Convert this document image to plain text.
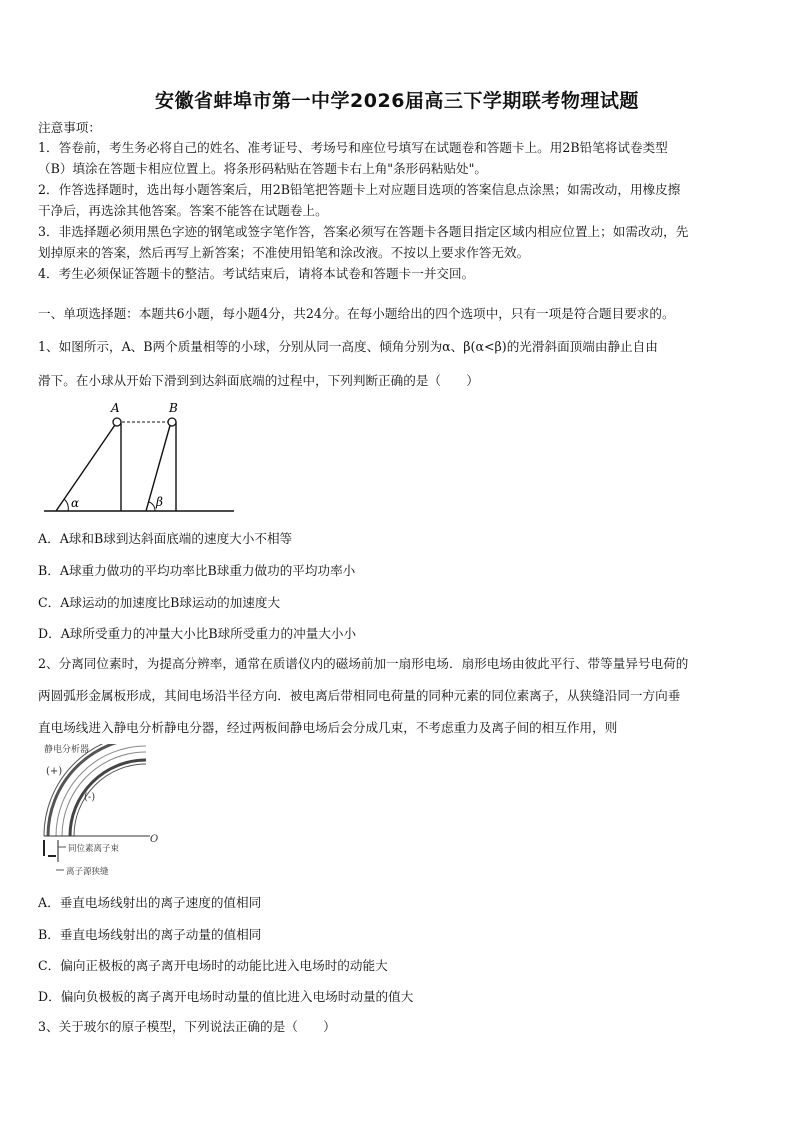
安徽省蚌埠市第一中学2026届高三下学期联考物理试题
注意事项：
1．答卷前，考生务必将自己的姓名、准考证号、考场号和座位号填写在试题卷和答题卡上。用2B铅笔将试卷类型
（B）填涂在答题卡相应位置上。将条形码粘贴在答题卡右上角"条形码粘贴处"。
2．作答选择题时，选出每小题答案后，用2B铅笔把答题卡上对应题目选项的答案信息点涂黑；如需改动，用橡皮擦
干净后，再选涂其他答案。答案不能答在试题卷上。
3．非选择题必须用黑色字迹的钢笔或签字笔作答，答案必须写在答题卡各题目指定区域内相应位置上；如需改动，先
划掉原来的答案，然后再写上新答案；不准使用铅笔和涂改液。不按以上要求作答无效。
4．考生必须保证答题卡的整洁。考试结束后，请将本试卷和答题卡一并交回。
一、单项选择题：本题共6小题，每小题4分，共24分。在每小题给出的四个选项中，只有一项是符合题目要求的。
1、如图所示，A、B两个质量相等的小球，分别从同一高度、倾角分别为α、β(α<β)的光滑斜面顶端由静止自由
滑下。在小球从开始下滑到到达斜面底端的过程中，下列判断正确的是（　　）
A	B
α	β
A．A球和B球到达斜面底端的速度大小不相等
B．A球重力做功的平均功率比B球重力做功的平均功率小
C．A球运动的加速度比B球运动的加速度大
D．A球所受重力的冲量大小比B球所受重力的冲量大小小
2、分离同位素时，为提高分辨率，通常在质谱仪内的磁场前加一扇形电场．扇形电场由彼此平行、带等量异号电荷的
两圆弧形金属板形成，其间电场沿半径方向．被电离后带相同电荷量的同种元素的同位素离子，从狭缝沿同一方向垂
直电场线进入静电分析静电分器，经过两板间静电场后会分成几束，不考虑重力及离子间的相互作用，则
静电分析器
(+)
(-)
O
同位素离子束
离子源狭缝
A．垂直电场线射出的离子速度的值相同
B．垂直电场线射出的离子动量的值相同
C．偏向正极板的离子离开电场时的动能比进入电场时的动能大
D．偏向负极板的离子离开电场时动量的值比进入电场时动量的值大
3、关于玻尔的原子模型，下列说法正确的是（　　）
